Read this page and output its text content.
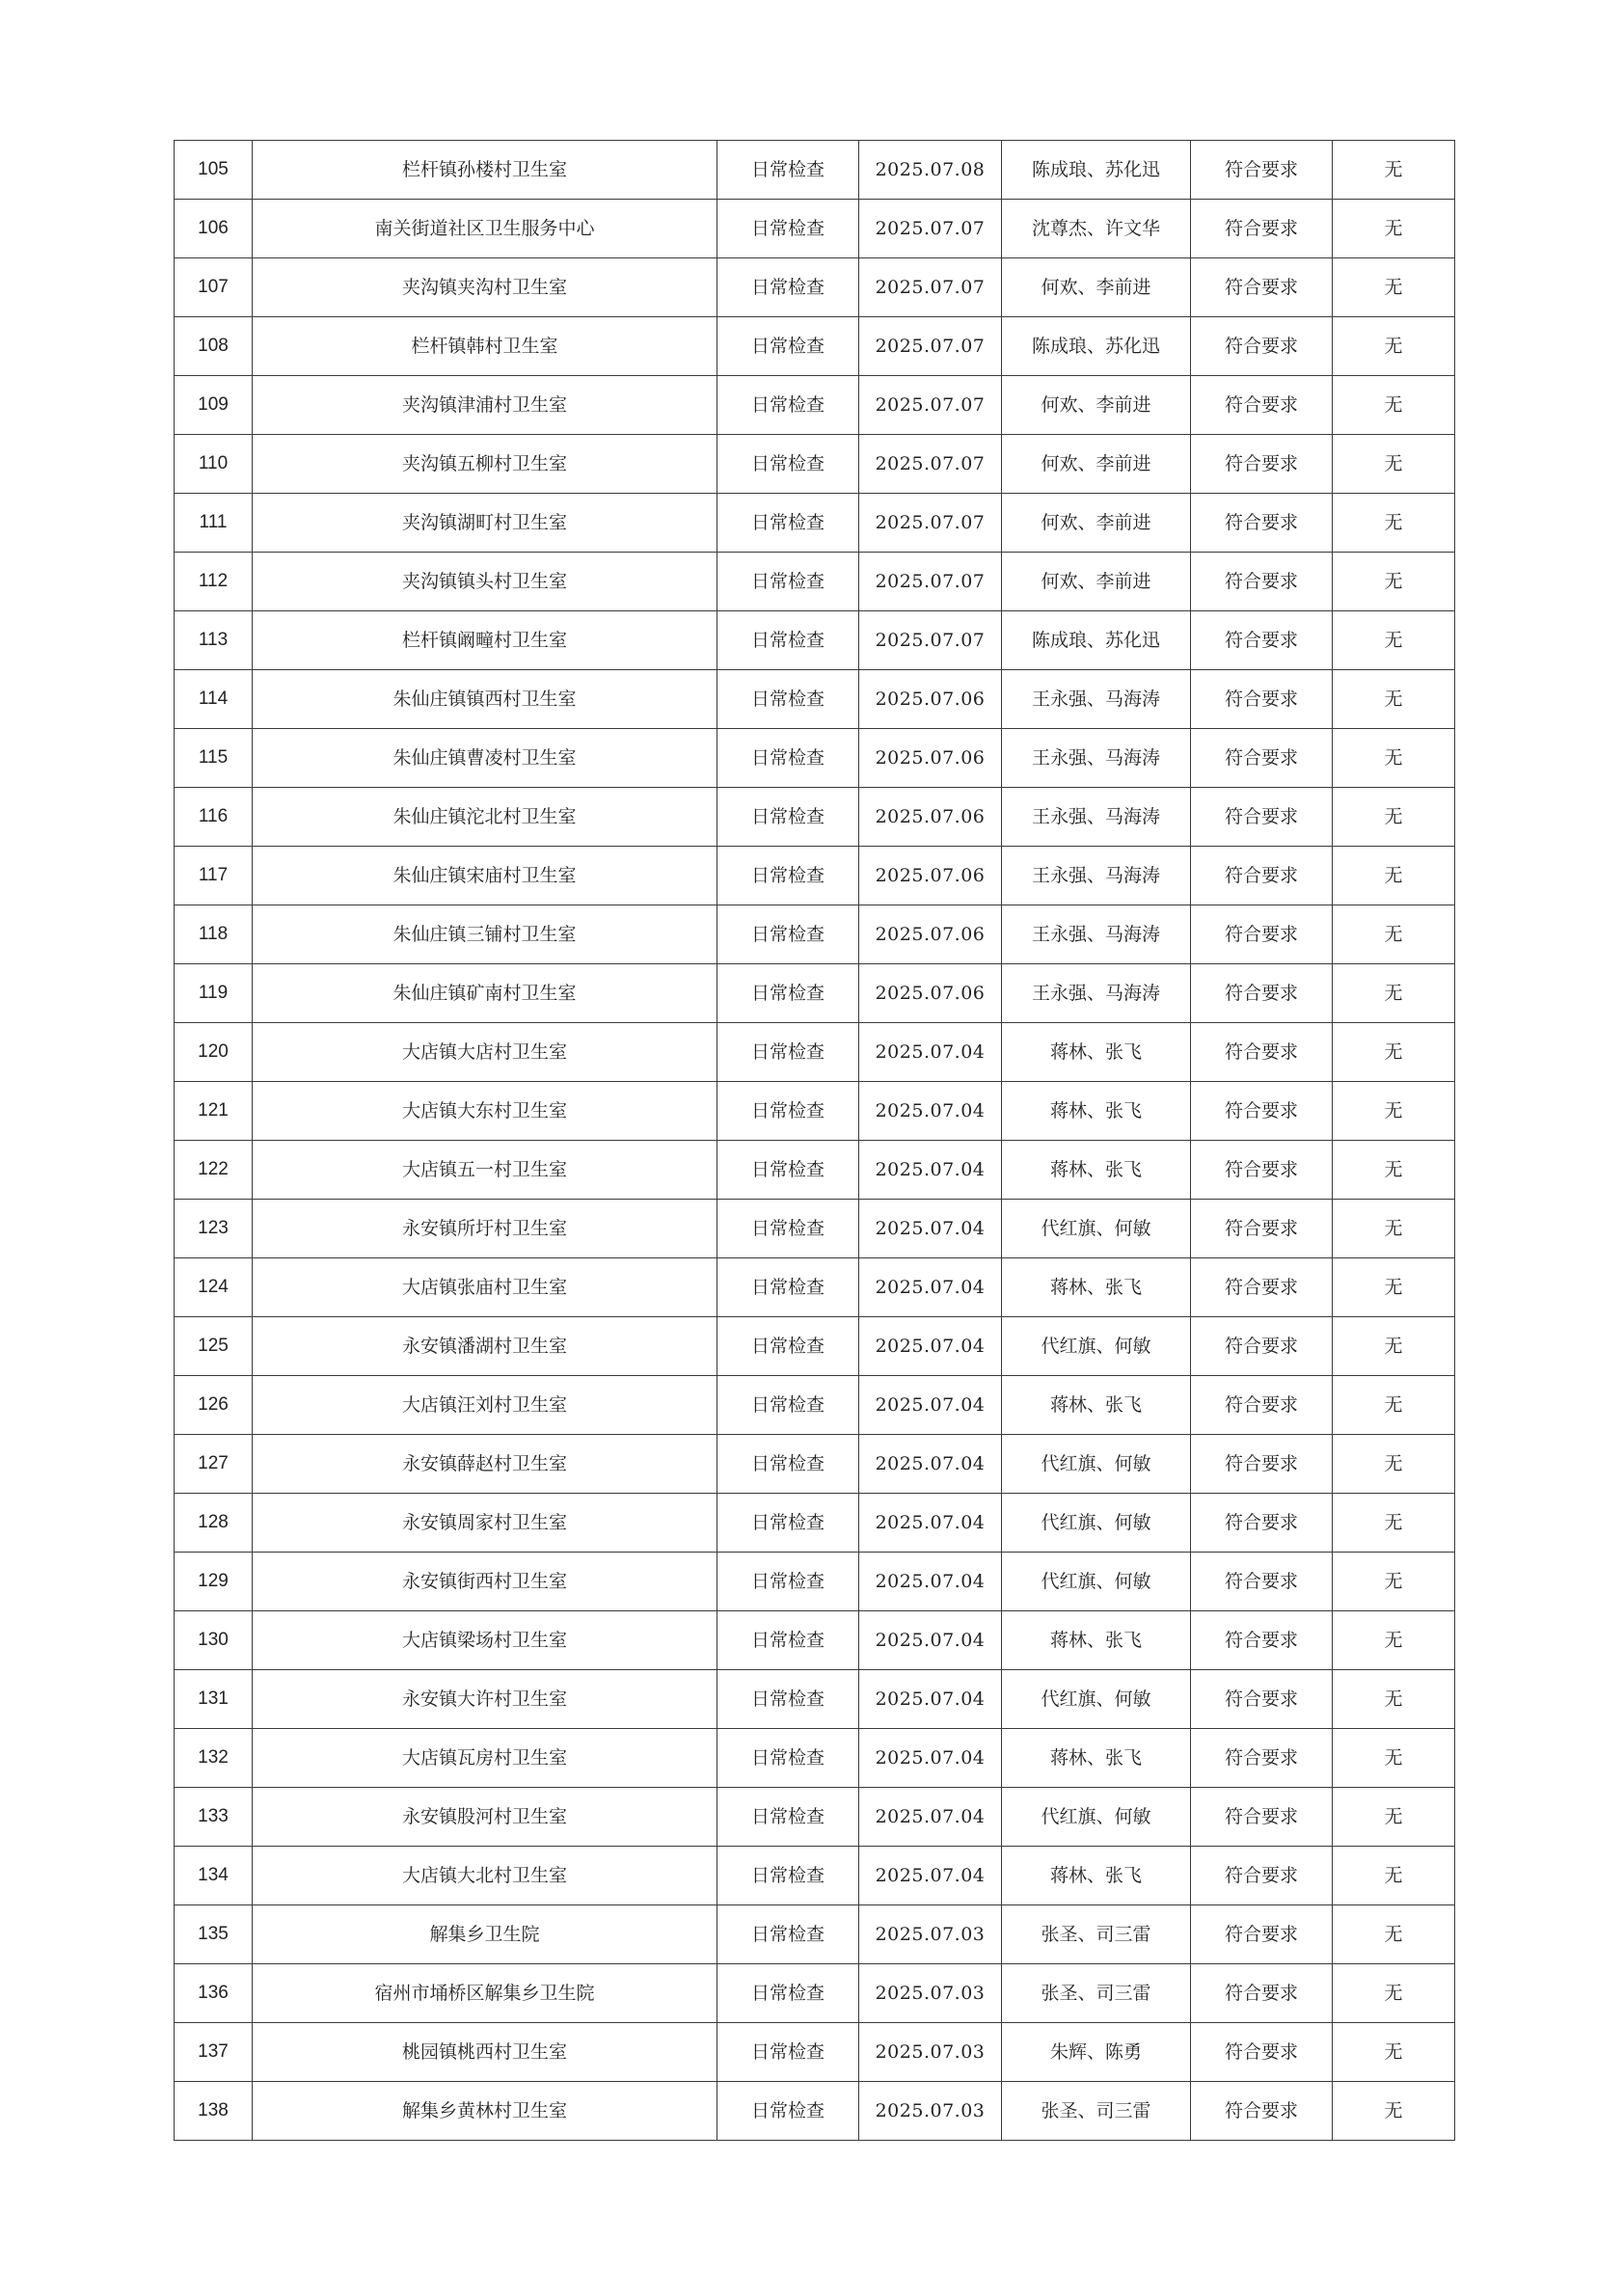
105	栏杆镇孙楼村卫生室	日常检查	2025.07.08	陈成琅、苏化迅	符合要求	无
106	南关街道社区卫生服务中心	日常检查	2025.07.07	沈尊杰、许文华	符合要求	无
107	夹沟镇夹沟村卫生室	日常检查	2025.07.07	何欢、李前进	符合要求	无
108	栏杆镇韩村卫生室	日常检查	2025.07.07	陈成琅、苏化迅	符合要求	无
109	夹沟镇津浦村卫生室	日常检查	2025.07.07	何欢、李前进	符合要求	无
110	夹沟镇五柳村卫生室	日常检查	2025.07.07	何欢、李前进	符合要求	无
111	夹沟镇湖町村卫生室	日常检查	2025.07.07	何欢、李前进	符合要求	无
112	夹沟镇镇头村卫生室	日常检查	2025.07.07	何欢、李前进	符合要求	无
113	栏杆镇阚疃村卫生室	日常检查	2025.07.07	陈成琅、苏化迅	符合要求	无
114	朱仙庄镇镇西村卫生室	日常检查	2025.07.06	王永强、马海涛	符合要求	无
115	朱仙庄镇曹凌村卫生室	日常检查	2025.07.06	王永强、马海涛	符合要求	无
116	朱仙庄镇沱北村卫生室	日常检查	2025.07.06	王永强、马海涛	符合要求	无
117	朱仙庄镇宋庙村卫生室	日常检查	2025.07.06	王永强、马海涛	符合要求	无
118	朱仙庄镇三铺村卫生室	日常检查	2025.07.06	王永强、马海涛	符合要求	无
119	朱仙庄镇矿南村卫生室	日常检查	2025.07.06	王永强、马海涛	符合要求	无
120	大店镇大店村卫生室	日常检查	2025.07.04	蒋林、张飞	符合要求	无
121	大店镇大东村卫生室	日常检查	2025.07.04	蒋林、张飞	符合要求	无
122	大店镇五一村卫生室	日常检查	2025.07.04	蒋林、张飞	符合要求	无
123	永安镇所圩村卫生室	日常检查	2025.07.04	代红旗、何敏	符合要求	无
124	大店镇张庙村卫生室	日常检查	2025.07.04	蒋林、张飞	符合要求	无
125	永安镇潘湖村卫生室	日常检查	2025.07.04	代红旗、何敏	符合要求	无
126	大店镇汪刘村卫生室	日常检查	2025.07.04	蒋林、张飞	符合要求	无
127	永安镇薛赵村卫生室	日常检查	2025.07.04	代红旗、何敏	符合要求	无
128	永安镇周家村卫生室	日常检查	2025.07.04	代红旗、何敏	符合要求	无
129	永安镇街西村卫生室	日常检查	2025.07.04	代红旗、何敏	符合要求	无
130	大店镇梁场村卫生室	日常检查	2025.07.04	蒋林、张飞	符合要求	无
131	永安镇大许村卫生室	日常检查	2025.07.04	代红旗、何敏	符合要求	无
132	大店镇瓦房村卫生室	日常检查	2025.07.04	蒋林、张飞	符合要求	无
133	永安镇股河村卫生室	日常检查	2025.07.04	代红旗、何敏	符合要求	无
134	大店镇大北村卫生室	日常检查	2025.07.04	蒋林、张飞	符合要求	无
135	解集乡卫生院	日常检查	2025.07.03	张圣、司三雷	符合要求	无
136	宿州市埇桥区解集乡卫生院	日常检查	2025.07.03	张圣、司三雷	符合要求	无
137	桃园镇桃西村卫生室	日常检查	2025.07.03	朱辉、陈勇	符合要求	无
138	解集乡黄林村卫生室	日常检查	2025.07.03	张圣、司三雷	符合要求	无
